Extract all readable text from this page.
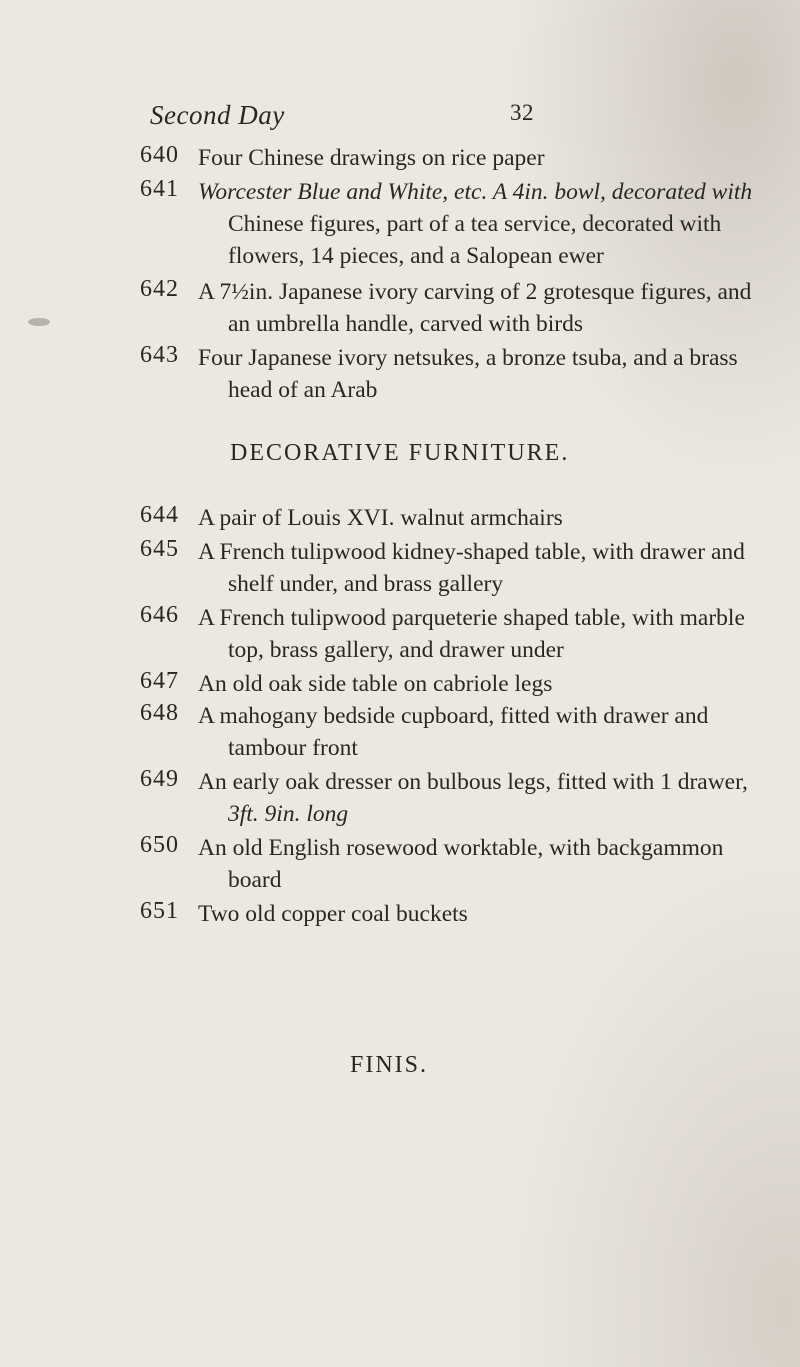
Second Day	32
640 Four Chinese drawings on rice paper
641 Worcester Blue and White, etc. A 4in. bowl, decorated with
Chinese figures, part of a tea service, decorated with
flowers, 14 pieces, and a Salopean ewer
642 A 7½in. Japanese ivory carving of 2 grotesque figures, and
an umbrella handle, carved with birds
643 Four Japanese ivory netsukes, a bronze tsuba, and a brass
head of an Arab
DECORATIVE FURNITURE.
644 A pair of Louis XVI. walnut armchairs
645 A French tulipwood kidney-shaped table, with drawer and
shelf under, and brass gallery
646 A French tulipwood parqueterie shaped table, with marble
top, brass gallery, and drawer under
647 An old oak side table on cabriole legs
648 A mahogany bedside cupboard, fitted with drawer and
tambour front
649 An early oak dresser on bulbous legs, fitted with 1 drawer,
3ft. 9in. long
650 An old English rosewood worktable, with backgammon
board
651 Two old copper coal buckets
FINIS.
